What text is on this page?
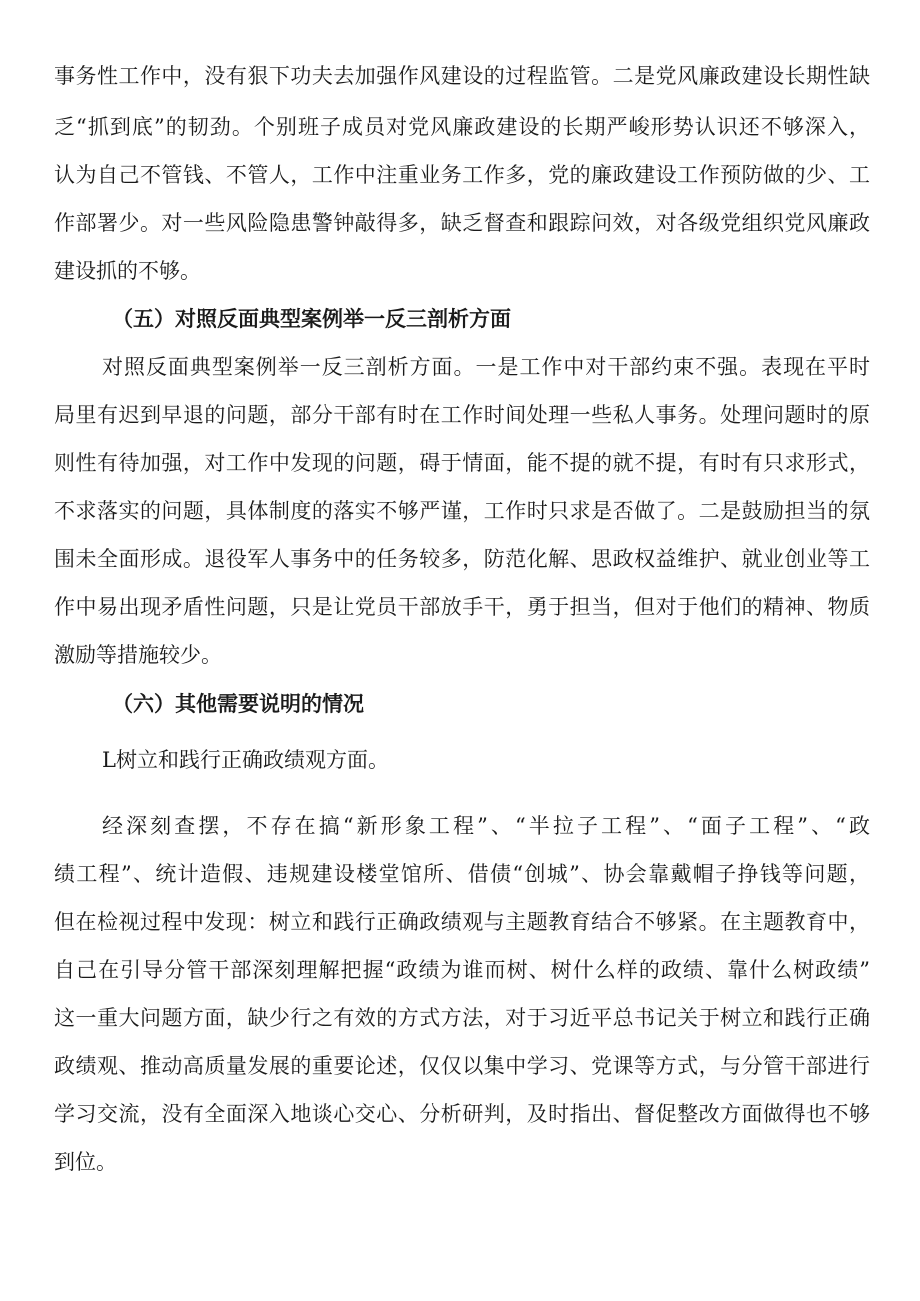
事务性工作中，没有狠下功夫去加强作风建设的过程监管。二是党风廉政建设长期性缺

乏“抓到底”的韧劲。个别班子成员对党风廉政建设的长期严峻形势认识还不够深入，

认为自己不管钱、不管人，工作中注重业务工作多，党的廉政建设工作预防做的少、工

作部署少。对一些风险隐患警钟敲得多，缺乏督查和跟踪问效，对各级党组织党风廉政

建设抓的不够。

（五）对照反面典型案例举一反三剖析方面

对照反面典型案例举一反三剖析方面。一是工作中对干部约束不强。表现在平时

局里有迟到早退的问题，部分干部有时在工作时间处理一些私人事务。处理问题时的原

则性有待加强，对工作中发现的问题，碍于情面，能不提的就不提，有时有只求形式，

不求落实的问题，具体制度的落实不够严谨，工作时只求是否做了。二是鼓励担当的氛

围未全面形成。退役军人事务中的任务较多，防范化解、思政权益维护、就业创业等工

作中易出现矛盾性问题，只是让党员干部放手干，勇于担当，但对于他们的精神、物质

激励等措施较少。

（六）其他需要说明的情况

L树立和践行正确政绩观方面。

经深刻查摆，不存在搞“新形象工程”、“半拉子工程”、“面子工程”、“政

绩工程”、统计造假、违规建设楼堂馆所、借债“创城”、协会靠戴帽子挣钱等问题，

但在检视过程中发现：树立和践行正确政绩观与主题教育结合不够紧。在主题教育中，

自己在引导分管干部深刻理解把握“政绩为谁而树、树什么样的政绩、靠什么树政绩”

这一重大问题方面，缺少行之有效的方式方法，对于习近平总书记关于树立和践行正确

政绩观、推动高质量发展的重要论述，仅仅以集中学习、党课等方式，与分管干部进行

学习交流，没有全面深入地谈心交心、分析研判，及时指出、督促整改方面做得也不够

到位。
